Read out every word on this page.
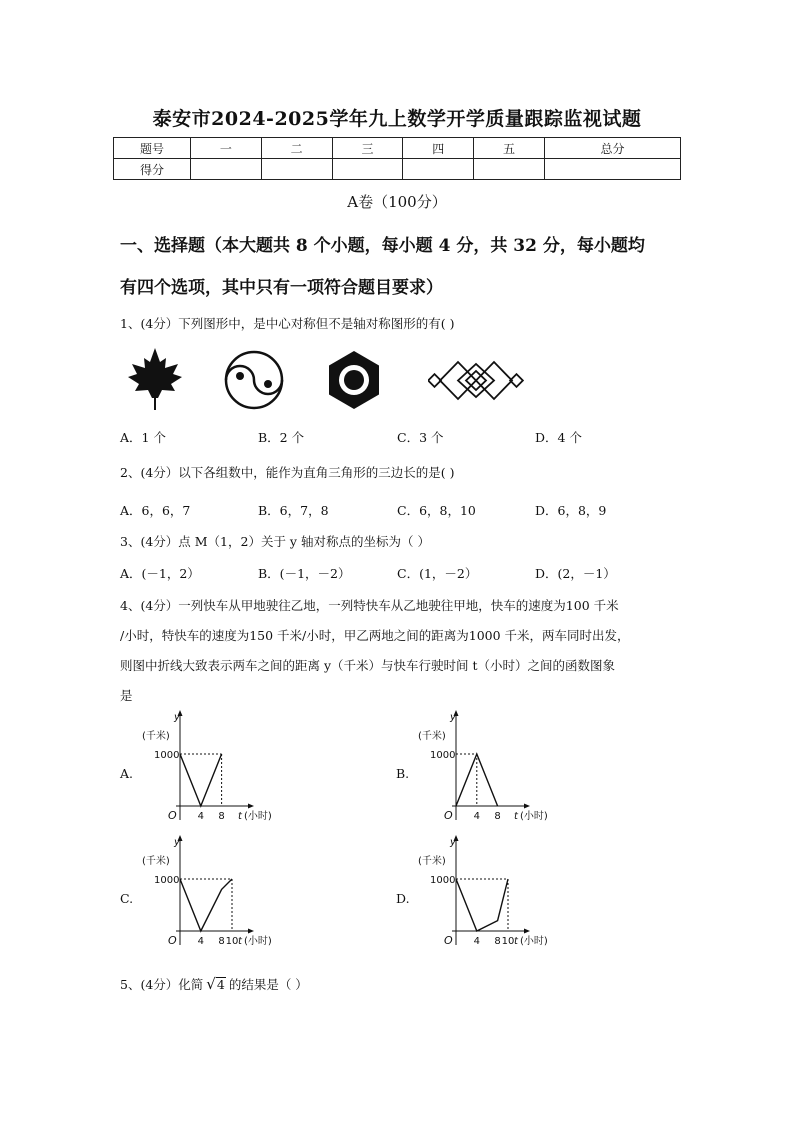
泰安市2024-2025学年九上数学开学质量跟踪监视试题
题号	一	二	三	四	五	总分
得分						
A卷（100分）
一、选择题（本大题共 8 个小题，每小题 4 分，共 32 分，每小题均
有四个选项，其中只有一项符合题目要求）
1、(4分）下列图形中，是中心对称但不是轴对称图形的有( )
A．1 个	B．2 个	C．3 个	D．4 个
2、(4分）以下各组数中，能作为直角三角形的三边长的是( )
A．6，6，7	B．6，7，8	C．6，8，10	D．6，8，9
3、(4分）点 M（1，2）关于 y 轴对称点的坐标为（ ）
A．(－1，2）	B．(－1，－2）	C．(1，－2）	D．(2，－1）
4、(4分）一列快车从甲地驶往乙地，一列特快车从乙地驶往甲地，快车的速度为100 千米
/小时，特快车的速度为150 千米/小时，甲乙两地之间的距离为1000 千米，两车同时出发，
则图中折线大致表示两车之间的距离 y（千米）与快车行驶时间 t（小时）之间的函数图象
是
A.	B.
C.	D.
y
(千米)
1000
O 4 8 t (小时)
y
(千米)
1000
O 4 8 t (小时)
y
(千米)
1000
O 4 8 10 t (小时)
y
(千米)
1000
O 4 8 10 t (小时)
5、(4分）化简 √ 4 的结果是（ ）
